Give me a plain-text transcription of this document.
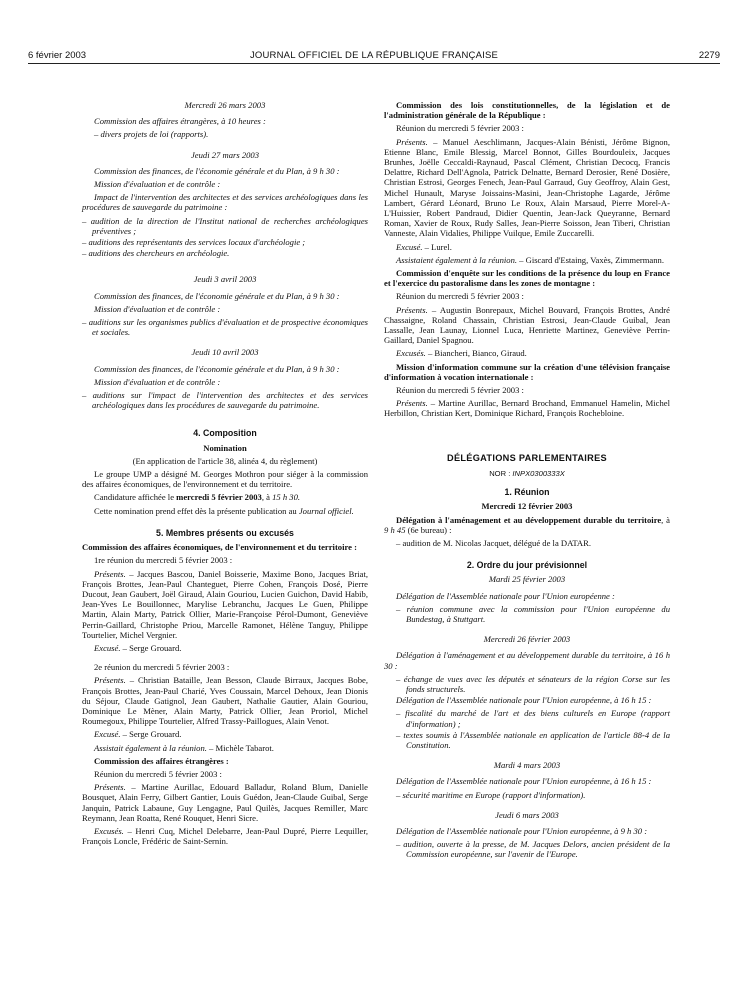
6 février 2003	JOURNAL OFFICIEL DE LA RÉPUBLIQUE FRANÇAISE	2279
Mercredi 26 mars 2003

Commission des affaires étrangères, à 10 heures :

– divers projets de loi (rapports).

Jeudi 27 mars 2003

Commission des finances, de l'économie générale et du Plan, à 9 h 30 :

Mission d'évaluation et de contrôle :

Impact de l'intervention des architectes et des services archéologiques dans les procédures de sauvegarde du patrimoine :

– audition de la direction de l'Institut national de recherches archéologiques préventives ;

– auditions des représentants des services locaux d'archéologie ;

– auditions des chercheurs en archéologie.

Jeudi 3 avril 2003

Commission des finances, de l'économie générale et du Plan, à 9 h 30 :

Mission d'évaluation et de contrôle :

– auditions sur les organismes publics d'évaluation et de prospective économiques et sociales.

Jeudi 10 avril 2003

Commission des finances, de l'économie générale et du Plan, à 9 h 30 :

Mission d'évaluation et de contrôle :

– auditions sur l'impact de l'intervention des architectes et des services archéologiques dans les procédures de sauvegarde du patrimoine.

4. Composition
Nomination

(En application de l'article 38, alinéa 4, du règlement)

Le groupe UMP a désigné M. Georges Mothron pour siéger à la commission des affaires économiques, de l'environnement et du territoire.

Candidature affichée le mercredi 5 février 2003, à 15 h 30.

Cette nomination prend effet dès la présente publication au Journal officiel.

5. Membres présents ou excusés

Commission des affaires économiques, de l'environnement et du territoire :

1re réunion du mercredi 5 février 2003 :

Présents. – Jacques Bascou, Daniel Boisserie, Maxime Bono, Jacques Briat, François Brottes, Jean-Paul Chanteguet, Pierre Cohen, François Dosé, Pierre Ducout, Jean Gaubert, Joël Giraud, Alain Gouriou, Lucien Guichon, David Habib, Jean-Yves Le Bouillonnec, Marylise Lebranchu, Jacques Le Guen, Philippe Martin, Alain Marty, Patrick Ollier, Marie-Françoise Pérol-Dumont, Geneviève Perrin-Gaillard, Christophe Priou, Marcelle Ramonet, Hélène Tanguy, Philippe Tourtelier, Michel Vergnier.

Excusé. – Serge Grouard.

2e réunion du mercredi 5 février 2003 :

Présents. – Christian Bataille, Jean Besson, Claude Birraux, Jacques Bobe, François Brottes, Jean-Paul Charié, Yves Coussain, Marcel Dehoux, Jean Dionis du Séjour, Claude Gatignol, Jean Gaubert, Nathalie Gautier, Alain Gouriou, Dominique Le Mèner, Alain Marty, Patrick Ollier, Jean Proriol, Michel Roumegoux, Philippe Tourtelier, Alfred Trassy-Paillogues, Alain Venot.

Excusé. – Serge Grouard.

Assistait également à la réunion. – Michèle Tabarot.

Commission des affaires étrangères :

Réunion du mercredi 5 février 2003 :

Présents. – Martine Aurillac, Edouard Balladur, Roland Blum, Danielle Bousquet, Alain Ferry, Gilbert Gantier, Louis Guédon, Jean-Claude Guibal, Serge Janquin, Patrick Labaune, Guy Lengagne, Paul Quilès, Jacques Remiller, Marc Reymann, Jean Roatta, René Rouquet, Henri Sicre.

Excusés. – Henri Cuq, Michel Delebarre, Jean-Paul Dupré, Pierre Lequiller, François Loncle, Frédéric de Saint-Sernin.

Commission des lois constitutionnelles, de la législation et de l'administration générale de la République :

Réunion du mercredi 5 février 2003 :

Présents. – Manuel Aeschlimann, Jacques-Alain Bénisti, Jérôme Bignon, Etienne Blanc, Emile Blessig, Marcel Bonnot, Gilles Bourdouleix, Jacques Brunhes, Joëlle Ceccaldi-Raynaud, Pascal Clément, Christian Decocq, Francis Delattre, Richard Dell'Agnola, Patrick Delnatte, Bernard Derosier, René Dosière, Christian Estrosi, Georges Fenech, Jean-Paul Garraud, Guy Geoffroy, Alain Gest, Michel Hunault, Maryse Joissains-Masini, Jean-Christophe Lagarde, Jérôme Lambert, Gérard Léonard, Bruno Le Roux, Alain Marsaud, Pierre Morel-A-L'Huissier, Robert Pandraud, Didier Quentin, Jean-Jack Queyranne, Bernard Roman, Xavier de Roux, Rudy Salles, Jean-Pierre Soisson, Jean Tiberi, Christian Vanneste, Alain Vidalies, Philippe Vuilque, Emile Zuccarelli.

Excusé. – Lurel.

Assistaient également à la réunion. – Giscard d'Estaing, Vaxès, Zimmermann.

Commission d'enquête sur les conditions de la présence du loup en France et l'exercice du pastoralisme dans les zones de montagne :

Réunion du mercredi 5 février 2003 :

Présents. – Augustin Bonrepaux, Michel Bouvard, François Brottes, André Chassaigne, Roland Chassain, Christian Estrosi, Jean-Claude Guibal, Jean Lassalle, Jean Launay, Lionnel Luca, Henriette Martinez, Geneviève Perrin-Gaillard, Daniel Spagnou.

Excusés. – Biancheri, Bianco, Giraud.

Mission d'information commune sur la création d'une télévision française d'information à vocation internationale :

Réunion du mercredi 5 février 2003 :

Présents. – Martine Aurillac, Bernard Brochand, Emmanuel Hamelin, Michel Herbillon, Christian Kert, Dominique Richard, François Rochebloine.

DÉLÉGATIONS PARLEMENTAIRES
NOR : INPX0300333X
1. Réunion
Mercredi 12 février 2003

Délégation à l'aménagement et au développement durable du territoire, à 9 h 45 (6e bureau) :

– audition de M. Nicolas Jacquet, délégué de la DATAR.

2. Ordre du jour prévisionnel
Mardi 25 février 2003

Délégation de l'Assemblée nationale pour l'Union européenne :

– réunion commune avec la commission pour l'Union européenne du Bundestag, à Stuttgart.

Mercredi 26 février 2003

Délégation à l'aménagement et au développement durable du territoire, à 16 h 30 :

– échange de vues avec les députés et sénateurs de la région Corse sur les fonds structurels.

Délégation de l'Assemblée nationale pour l'Union européenne, à 16 h 15 :

– fiscalité du marché de l'art et des biens culturels en Europe (rapport d'information) ;

– textes soumis à l'Assemblée nationale en application de l'article 88-4 de la Constitution.

Mardi 4 mars 2003

Délégation de l'Assemblée nationale pour l'Union européenne, à 16 h 15 :

– sécurité maritime en Europe (rapport d'information).

Jeudi 6 mars 2003

Délégation de l'Assemblée nationale pour l'Union européenne, à 9 h 30 :

– audition, ouverte à la presse, de M. Jacques Delors, ancien président de la Commission européenne, sur l'avenir de l'Europe.
